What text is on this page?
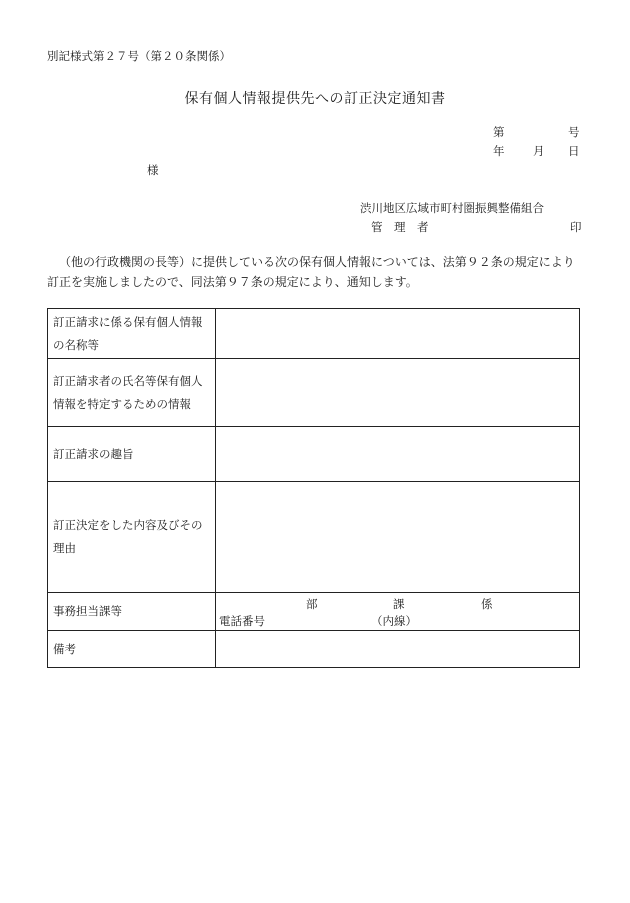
別記様式第２７号（第２０条関係）
保有個人情報提供先への訂正決定通知書
第	号
年 月 日
様
渋川地区広域市町村圏振興整備組合
管　理　者	印
（他の行政機関の長等）に提供している次の保有個人情報については、法第９２条の規定により訂正を実施しましたので、同法第９７条の規定により、通知します。
訂正請求に係る保有個人情報の名称等	
訂正請求者の氏名等保有個人情報を特定するための情報	
訂正請求の趣旨	
訂正決定をした内容及びその理由	
事務担当課等	部 課 係
電話番号 （内線）

備考	
